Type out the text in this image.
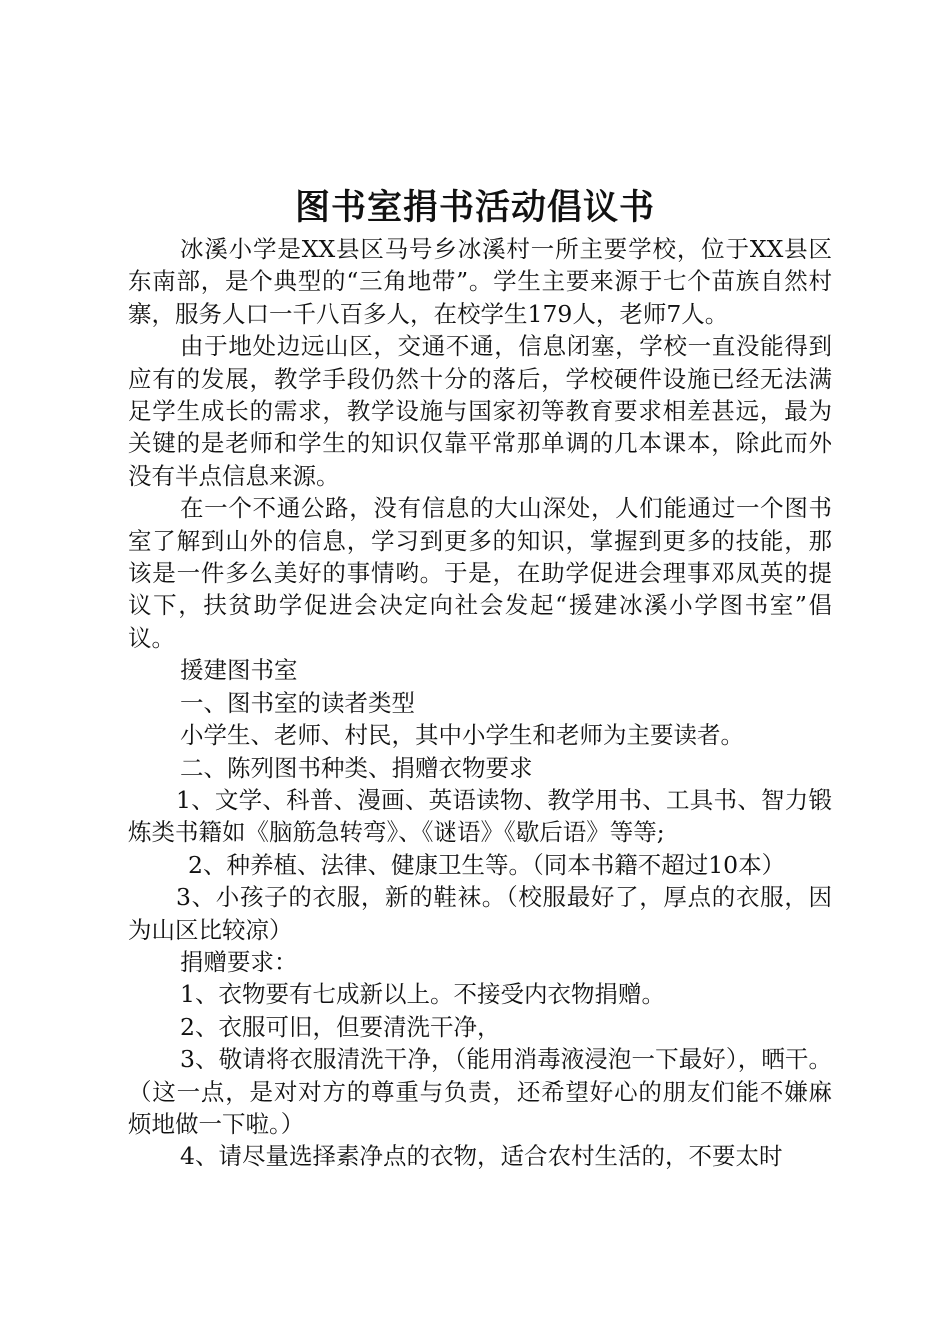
图书室捐书活动倡议书

冰溪小学是XX县区马号乡冰溪村一所主要学校，位于XX县区东南部，是个典型的“三角地带”。学生主要来源于七个苗族自然村寨，服务人口一千八百多人，在校学生179人，老师7人。

由于地处边远山区，交通不通，信息闭塞，学校一直没能得到应有的发展，教学手段仍然十分的落后，学校硬件设施已经无法满足学生成长的需求，教学设施与国家初等教育要求相差甚远，最为关键的是老师和学生的知识仅靠平常那单调的几本课本，除此而外没有半点信息来源。

在一个不通公路，没有信息的大山深处，人们能通过一个图书室了解到山外的信息，学习到更多的知识，掌握到更多的技能，那该是一件多么美好的事情哟。于是，在助学促进会理事邓凤英的提议下，扶贫助学促进会决定向社会发起“援建冰溪小学图书室”倡议。

援建图书室

一、图书室的读者类型

小学生、老师、村民，其中小学生和老师为主要读者。

二、陈列图书种类、捐赠衣物要求

1、文学、科普、漫画、英语读物、教学用书、工具书、智力锻炼类书籍如《脑筋急转弯》、《谜语》《歇后语》等等;

2、种养植、法律、健康卫生等。（同本书籍不超过10本）

3、小孩子的衣服，新的鞋袜。（校服最好了，厚点的衣服，因为山区比较凉）

捐赠要求：

1、衣物要有七成新以上。不接受内衣物捐赠。

2、衣服可旧，但要清洗干净，

3、敬请将衣服清洗干净，（能用消毒液浸泡一下最好），晒干。（这一点，是对对方的尊重与负责，还希望好心的朋友们能不嫌麻烦地做一下啦。）

4、请尽量选择素净点的衣物，适合农村生活的，不要太时
